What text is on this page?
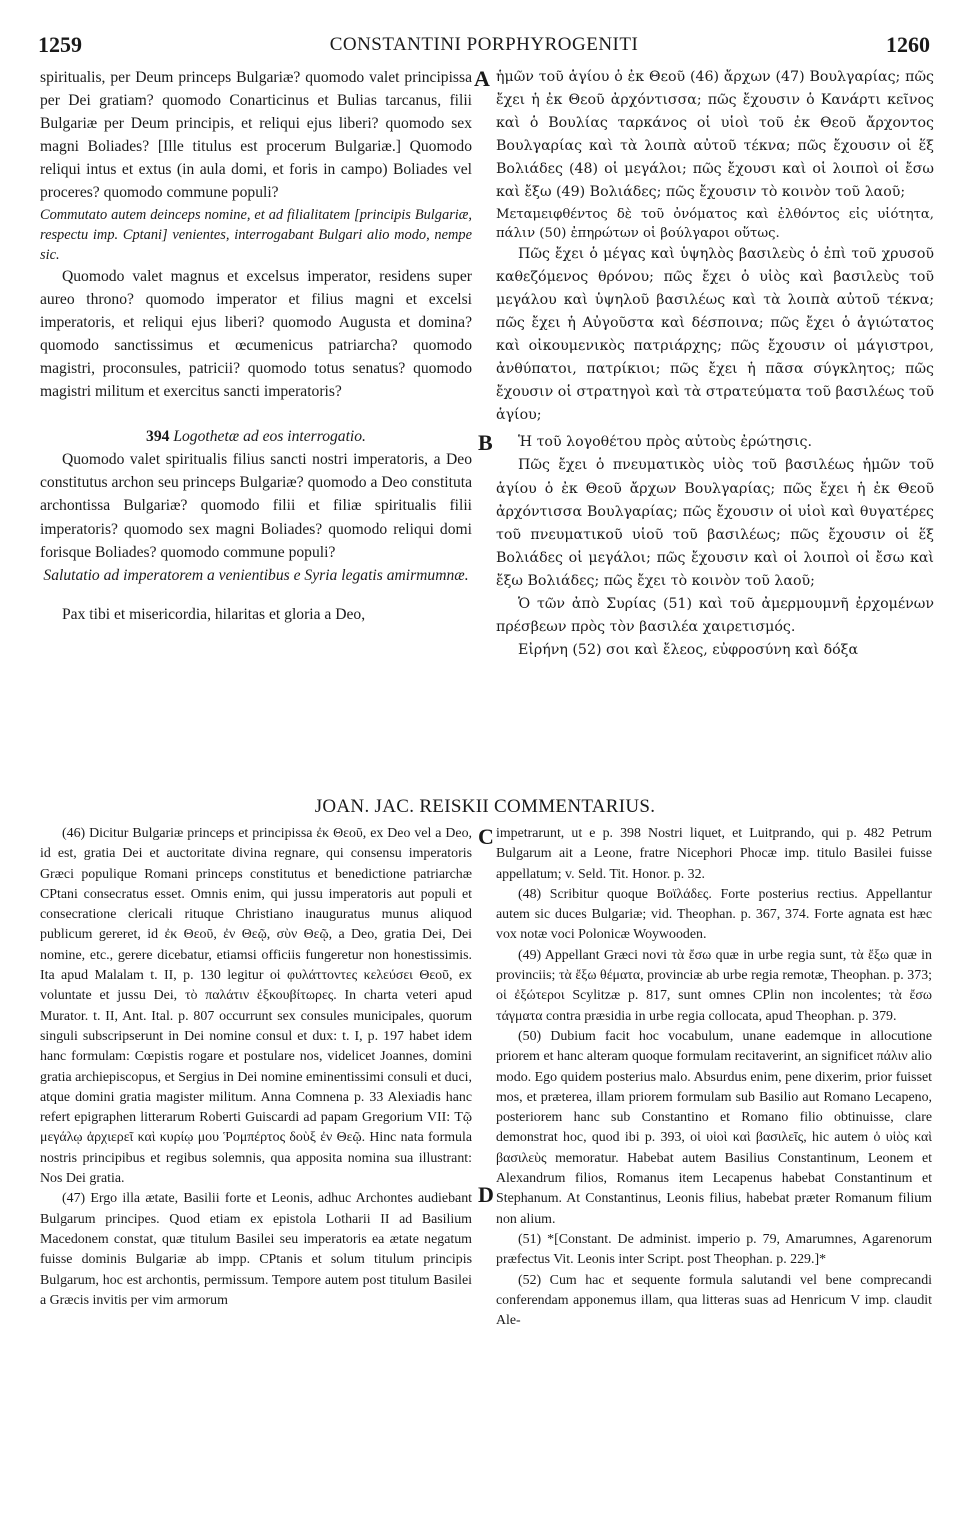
1259	CONSTANTINI PORPHYROGENITI	1260
A
B
C
D

spiritualis, per Deum princeps Bulgariæ? quomodo valet principissa per Dei gratiam? quomodo Conarticinus et Bulias tarcanus, filii Bulgariæ per Deum principis, et reliqui ejus liberi? quomodo sex magni Boliades? [Ille titulus est procerum Bulgariæ.] Quomodo reliqui intus et extus (in aula domi, et foris in campo) Boliades vel proceres? quomodo commune populi?

Commutato autem deinceps nomine, et ad filialitatem [principis Bulgariæ, respectu imp. Cptani] venientes, interrogabant Bulgari alio modo, nempe sic.

Quomodo valet magnus et excelsus imperator, residens super aureo throno? quomodo imperator et filius magni et excelsi imperatoris, et reliqui ejus liberi? quomodo Augusta et domina? quomodo sanctissimus et œcumenicus patriarcha? quomodo magistri, proconsules, patricii? quomodo totus senatus? quomodo magistri militum et exercitus sancti imperatoris?

394 Logothetæ ad eos interrogatio.

Quomodo valet spiritualis filius sancti nostri imperatoris, a Deo constitutus archon seu princeps Bulgariæ? quomodo a Deo constituta archontissa Bulgariæ? quomodo filii et filiæ spiritualis filii imperatoris? quomodo sex magni Boliades? quomodo reliqui domi forisque Boliades? quomodo commune populi?

Salutatio ad imperatorem a venientibus e Syria legatis amirmumnæ.

Pax tibi et misericordia, hilaritas et gloria a Deo,

ἡμῶν τοῦ ἁγίου ὁ ἐκ Θεοῦ (46) ἄρχων (47) Βουλγαρίας; πῶς ἔχει ἡ ἐκ Θεοῦ ἀρχόντισσα; πῶς ἔχουσιν ὁ Κανάρτι κεῖνος καὶ ὁ Βουλίας ταρκάνος οἱ υἱοὶ τοῦ ἐκ Θεοῦ ἄρχοντος Βουλγαρίας καὶ τὰ λοιπὰ αὐτοῦ τέκνα; πῶς ἔχουσιν οἱ ἕξ Βολιάδες (48) οἱ μεγάλοι; πῶς ἔχουσι καὶ οἱ λοιποὶ οἱ ἔσω καὶ ἔξω (49) Βολιάδες; πῶς ἔχουσιν τὸ κοινὸν τοῦ λαοῦ;

Μεταμειφθέντος δὲ τοῦ ὀνόματος καὶ ἐλθόντος εἰς υἱότητα, πάλιν (50) ἐπηρώτων οἱ βούλγαροι οὕτως.

Πῶς ἔχει ὁ μέγας καὶ ὑψηλὸς βασιλεὺς ὁ ἐπὶ τοῦ χρυσοῦ καθεζόμενος θρόνου; πῶς ἔχει ὁ υἱὸς καὶ βασιλεὺς τοῦ μεγάλου καὶ ὑψηλοῦ βασιλέως καὶ τὰ λοιπὰ αὐτοῦ τέκνα; πῶς ἔχει ἡ Αὐγοῦστα καὶ δέσποινα; πῶς ἔχει ὁ ἁγιώτατος καὶ οἰκουμενικὸς πατριάρχης; πῶς ἔχουσιν οἱ μάγιστροι, ἀνθύπατοι, πατρίκιοι; πῶς ἔχει ἡ πᾶσα σύγκλητος; πῶς ἔχουσιν οἱ στρατηγοὶ καὶ τὰ στρατεύματα τοῦ βασιλέως τοῦ ἁγίου;

Ἡ τοῦ λογοθέτου πρὸς αὐτοὺς ἐρώτησις.

Πῶς ἔχει ὁ πνευματικὸς υἱὸς τοῦ βασιλέως ἡμῶν τοῦ ἁγίου ὁ ἐκ Θεοῦ ἄρχων Βουλγαρίας; πῶς ἔχει ἡ ἐκ Θεοῦ ἀρχόντισσα Βουλγαρίας; πῶς ἔχουσιν οἱ υἱοὶ καὶ θυγατέρες τοῦ πνευματικοῦ υἱοῦ τοῦ βασιλέως; πῶς ἔχουσιν οἱ ἕξ Βολιάδες οἱ μεγάλοι; πῶς ἔχουσιν καὶ οἱ λοιποὶ οἱ ἔσω καὶ ἔξω Βολιάδες; πῶς ἔχει τὸ κοινὸν τοῦ λαοῦ;

Ὁ τῶν ἀπὸ Συρίας (51) καὶ τοῦ ἀμερμουμνῆ ἐρχομένων πρέσβεων πρὸς τὸν βασιλέα χαιρετισμός.

Εἰρήνη (52) σοι καὶ ἔλεος, εὐφροσύνη καὶ δόξα

JOAN. JAC. REISKII COMMENTARIUS.

(46) Dicitur Bulgariæ princeps et principissa ἐκ Θεοῦ, ex Deo vel a Deo, id est, gratia Dei et auctoritate divina regnare, qui consensu imperatoris Græci populique Romani princeps constitutus et benedictione patriarchæ CPtani consecratus esset. Omnis enim, qui jussu imperatoris aut populi et consecratione clericali rituque Christiano inauguratus munus aliquod publicum gereret, id ἐκ Θεοῦ, ἐν Θεῷ, σὺν Θεῷ, a Deo, gratia Dei, Dei nomine, etc., gerere dicebatur, etiamsi officiis fungeretur non honestissimis. Ita apud Malalam t. II, p. 130 legitur οἱ φυλάττοντες κελεύσει Θεοῦ, ex voluntate et jussu Dei, τὸ παλάτιν ἐξκουβίτωρες. In charta veteri apud Murator. t. II, Ant. Ital. p. 807 occurrunt sex consules municipales, quorum singuli subscripserunt in Dei nomine consul et dux: t. I, p. 197 habet idem hanc formulam: Cœpistis rogare et postulare nos, videlicet Joannes, domini gratia archiepiscopus, et Sergius in Dei nomine eminentissimi consuli et duci, atque domini gratia magister militum. Anna Comnena p. 33 Alexiadis hanc refert epigraphen litterarum Roberti Guiscardi ad papam Gregorium VII: Τῷ μεγάλῳ ἀρχιερεῖ καὶ κυρίῳ μου Ῥομπέρτος δοὺξ ἐν Θεῷ. Hinc nata formula nostris principibus et regibus solemnis, qua apposita nomina sua illustrant: Nos Dei gratia.

(47) Ergo illa ætate, Basilii forte et Leonis, adhuc Archontes audiebant Bulgarum principes. Quod etiam ex epistola Lotharii II ad Basilium Macedonem constat, quæ titulum Basilei seu imperatoris ea ætate negatum fuisse dominis Bulgariæ ab impp. CPtanis et solum titulum principis Bulgarum, hoc est archontis, permissum. Tempore autem post titulum Basilei a Græcis invitis per vim armorum

impetrarunt, ut e p. 398 Nostri liquet, et Luitprando, qui p. 482 Petrum Bulgarum ait a Leone, fratre Nicephori Phocæ imp. titulo Basilei fuisse appellatum; v. Seld. Tit. Honor. p. 32.

(48) Scribitur quoque Βοϊλάδες. Forte posterius rectius. Appellantur autem sic duces Bulgariæ; vid. Theophan. p. 367, 374. Forte agnata est hæc vox notæ voci Polonicæ Woywooden.

(49) Appellant Græci novi τὰ ἔσω quæ in urbe regia sunt, τὰ ἔξω quæ in provinciis; τὰ ἔξω θέματα, provinciæ ab urbe regia remotæ, Theophan. p. 373; οἱ ἐξώτεροι Scylitzæ p. 817, sunt omnes CPlin non incolentes; τὰ ἔσω τάγματα contra præsidia in urbe regia collocata, apud Theophan. p. 379.

(50) Dubium facit hoc vocabulum, unane eademque in allocutione priorem et hanc alteram quoque formulam recitaverint, an significet πάλιν alio modo. Ego quidem posterius malo. Absurdus enim, pene dixerim, prior fuisset mos, et præterea, illam priorem formulam sub Basilio aut Romano Lecapeno, posteriorem hanc sub Constantino et Romano filio obtinuisse, clare demonstrat hoc, quod ibi p. 393, οἱ υἱοὶ καὶ βασιλεῖς, hic autem ὁ υἱὸς καὶ βασιλεὺς memoratur. Habebat autem Basilius Constantinum, Leonem et Alexandrum filios, Romanus item Lecapenus habebat Constantinum et Stephanum. At Constantinus, Leonis filius, habebat præter Romanum filium non alium.

(51) *[Constant. De administ. imperio p. 79, Amarumnes, Agarenorum præfectus Vit. Leonis inter Script. post Theophan. p. 229.]*

(52) Cum hac et sequente formula salutandi vel bene comprecandi conferendam apponemus illam, qua litteras suas ad Henricum V imp. claudit Ale-
